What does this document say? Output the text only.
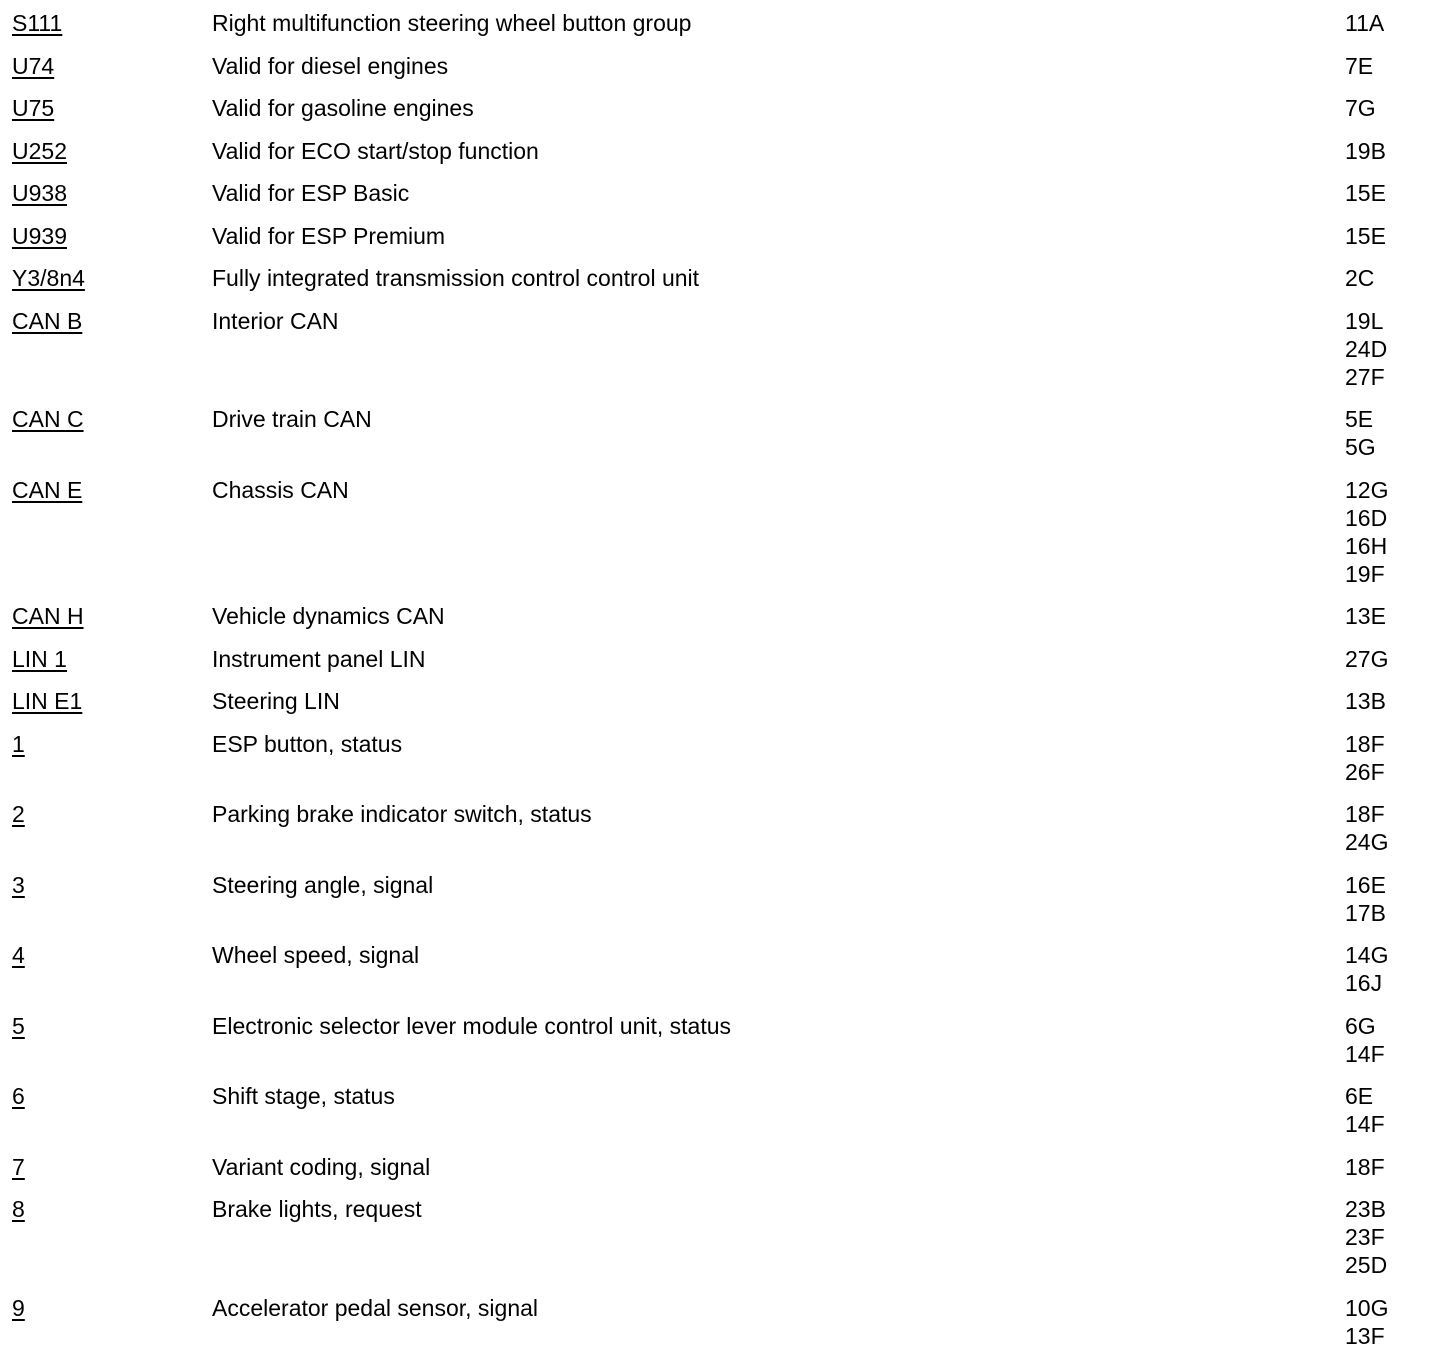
S111	Right multifunction steering wheel button group	11A
U74	Valid for diesel engines	7E
U75	Valid for gasoline engines	7G
U252	Valid for ECO start/stop function	19B
U938	Valid for ESP Basic	15E
U939	Valid for ESP Premium	15E
Y3/8n4	Fully integrated transmission control control unit	2C
CAN B	Interior CAN	19L
24D
27F
CAN C	Drive train CAN	5E
5G
CAN E	Chassis CAN	12G
16D
16H
19F
CAN H	Vehicle dynamics CAN	13E
LIN 1	Instrument panel LIN	27G
LIN E1	Steering LIN	13B
1	ESP button, status	18F
26F
2	Parking brake indicator switch, status	18F
24G
3	Steering angle, signal	16E
17B
4	Wheel speed, signal	14G
16J
5	Electronic selector lever module control unit, status	6G
14F
6	Shift stage, status	6E
14F
7	Variant coding, signal	18F
8	Brake lights, request	23B
23F
25D
9	Accelerator pedal sensor, signal	10G
13F
